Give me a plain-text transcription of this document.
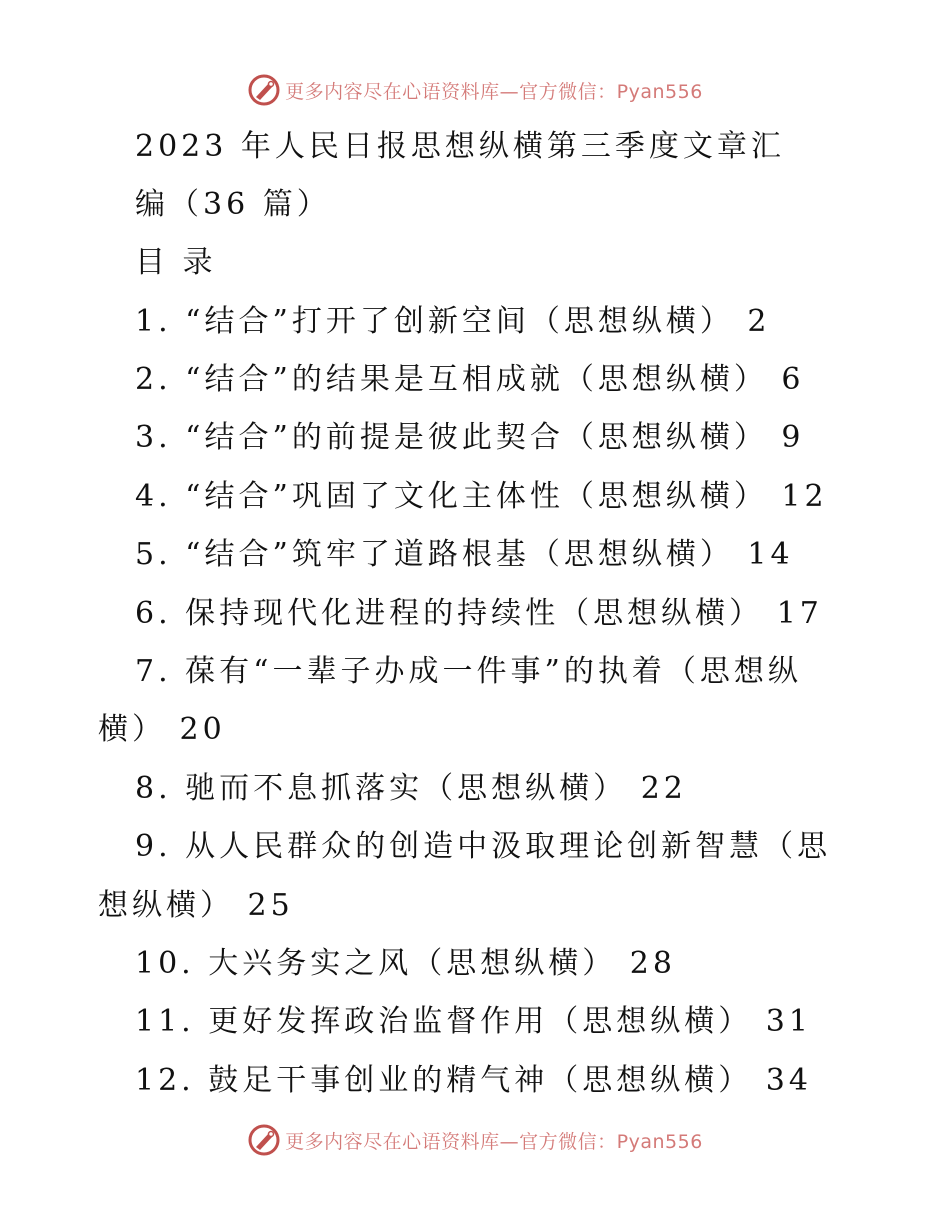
更多内容尽在心语资料库—官方微信：Pyan556
2023 年人民日报思想纵横第三季度文章汇
编（36 篇）
目 录
1. “结合”打开了创新空间（思想纵横） 2
2. “结合”的结果是互相成就（思想纵横） 6
3. “结合”的前提是彼此契合（思想纵横） 9
4. “结合”巩固了文化主体性（思想纵横） 12
5. “结合”筑牢了道路根基（思想纵横） 14
6. 保持现代化进程的持续性（思想纵横） 17
7. 葆有“一辈子办成一件事”的执着（思想纵
横） 20
8. 驰而不息抓落实（思想纵横） 22
9. 从人民群众的创造中汲取理论创新智慧（思
想纵横） 25
10. 大兴务实之风（思想纵横） 28
11. 更好发挥政治监督作用（思想纵横） 31
12. 鼓足干事创业的精气神（思想纵横） 34
更多内容尽在心语资料库—官方微信：Pyan556
